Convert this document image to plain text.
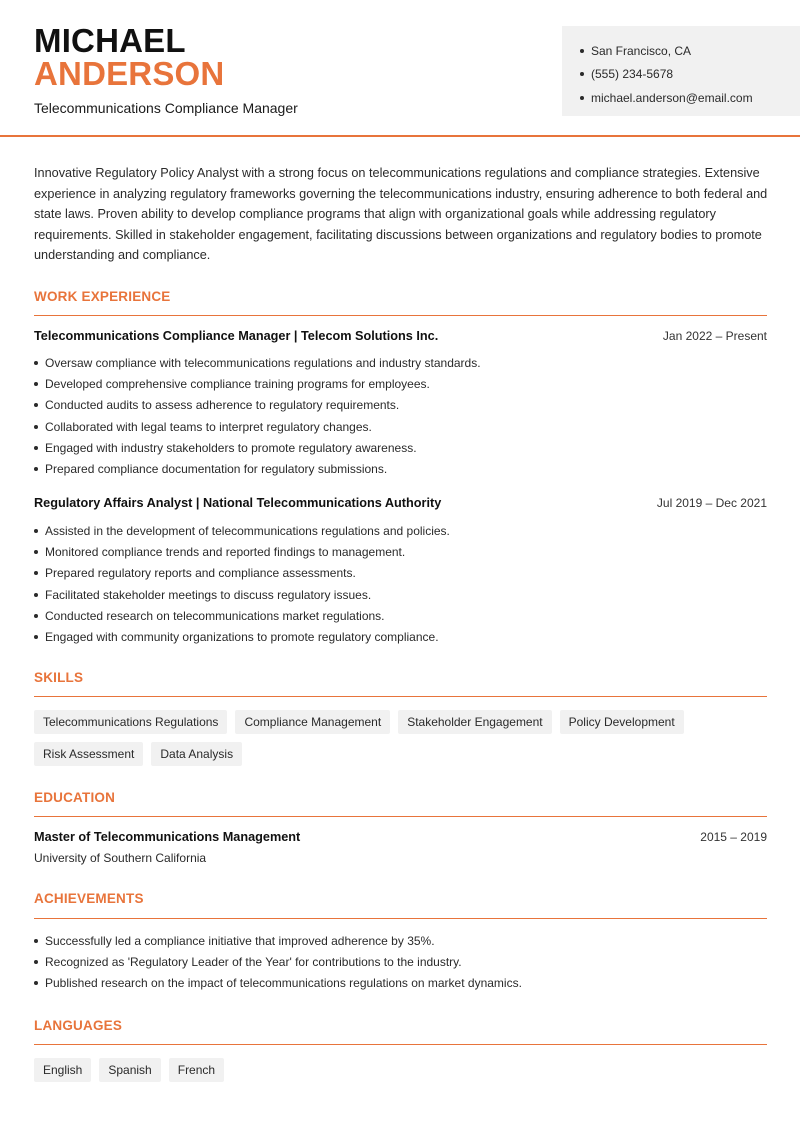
MICHAEL
ANDERSON
Telecommunications Compliance Manager
San Francisco, CA
(555) 234-5678
michael.anderson@email.com

Innovative Regulatory Policy Analyst with a strong focus on telecommunications regulations and compliance strategies. Extensive experience in analyzing regulatory frameworks governing the telecommunications industry, ensuring adherence to both federal and state laws. Proven ability to develop compliance programs that align with organizational goals while addressing regulatory requirements. Skilled in stakeholder engagement, facilitating discussions between organizations and regulatory bodies to promote understanding and compliance.

WORK EXPERIENCE
Telecommunications Compliance Manager | Telecom Solutions Inc.	Jan 2022 – Present
Oversaw compliance with telecommunications regulations and industry standards.
Developed comprehensive compliance training programs for employees.
Conducted audits to assess adherence to regulatory requirements.
Collaborated with legal teams to interpret regulatory changes.
Engaged with industry stakeholders to promote regulatory awareness.
Prepared compliance documentation for regulatory submissions.
Regulatory Affairs Analyst | National Telecommunications Authority	Jul 2019 – Dec 2021
Assisted in the development of telecommunications regulations and policies.
Monitored compliance trends and reported findings to management.
Prepared regulatory reports and compliance assessments.
Facilitated stakeholder meetings to discuss regulatory issues.
Conducted research on telecommunications market regulations.
Engaged with community organizations to promote regulatory compliance.
SKILLS
Telecommunications Regulations	Compliance Management	Stakeholder Engagement	Policy Development
Risk Assessment	Data Analysis
EDUCATION
Master of Telecommunications Management	2015 – 2019
University of Southern California
ACHIEVEMENTS
Successfully led a compliance initiative that improved adherence by 35%.
Recognized as 'Regulatory Leader of the Year' for contributions to the industry.
Published research on the impact of telecommunications regulations on market dynamics.
LANGUAGES
English	Spanish	French
